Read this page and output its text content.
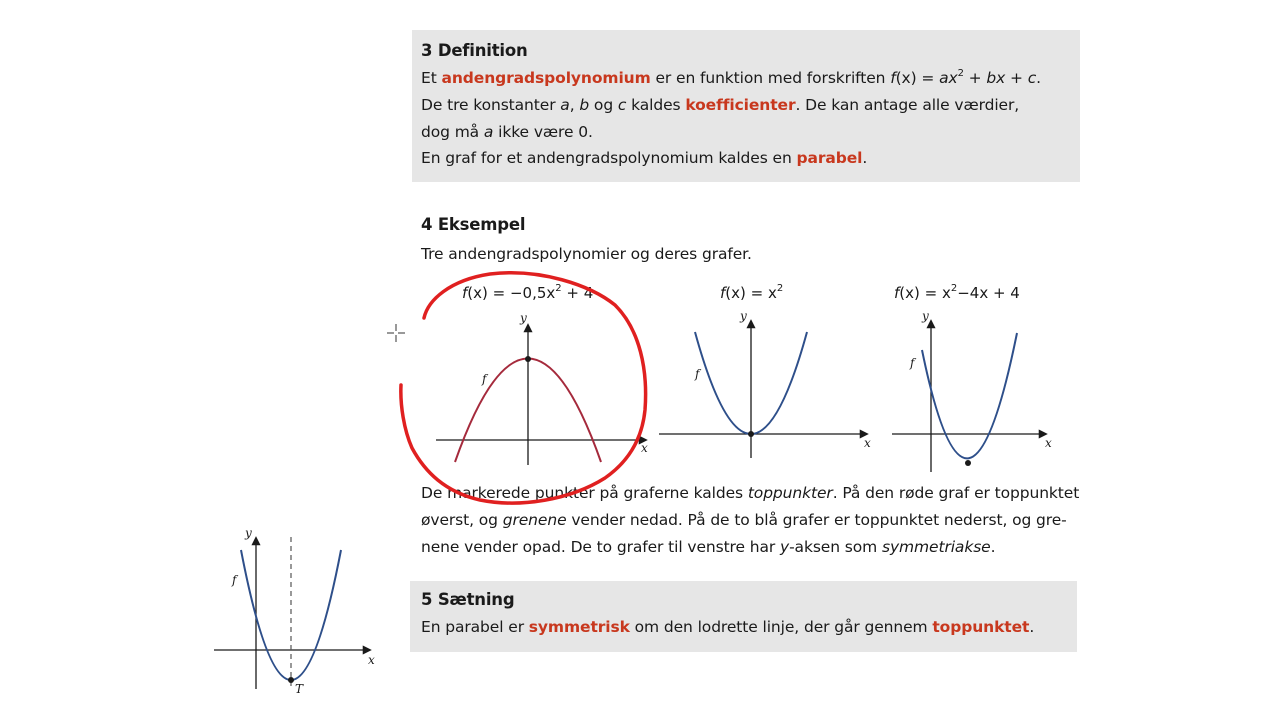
3 Definition
Et andengradspolynomium er en funktion med forskriften $f(x) = ax^2$ + bx + c.
De tre konstanter a, b og c kaldes koefficienter. De kan antage alle værdier,
dog må a ikke være 0.
En graf for et andengradspolynomium kaldes en parabel.
4 Eksempel
Tre andengradspolynomier og deres grafer.
$f(x) = -0,5x^2 + 4$	$f(x) = x^2$	$f(x) = x^2-4x + 4$
f
y
x
f
y
x
f
y
x
De markerede punkter på graferne kaldes toppunkter. På den røde graf er toppunktet
øverst, og grenene vender nedad. På de to blå grafer er toppunktet nederst, og gre-
nene vender opad. De to grafer til venstre har y-aksen som symmetriakse.
5 Sætning
En parabel er symmetrisk om den lodrette linje, der går gennem toppunktet.
f
y
x
T
